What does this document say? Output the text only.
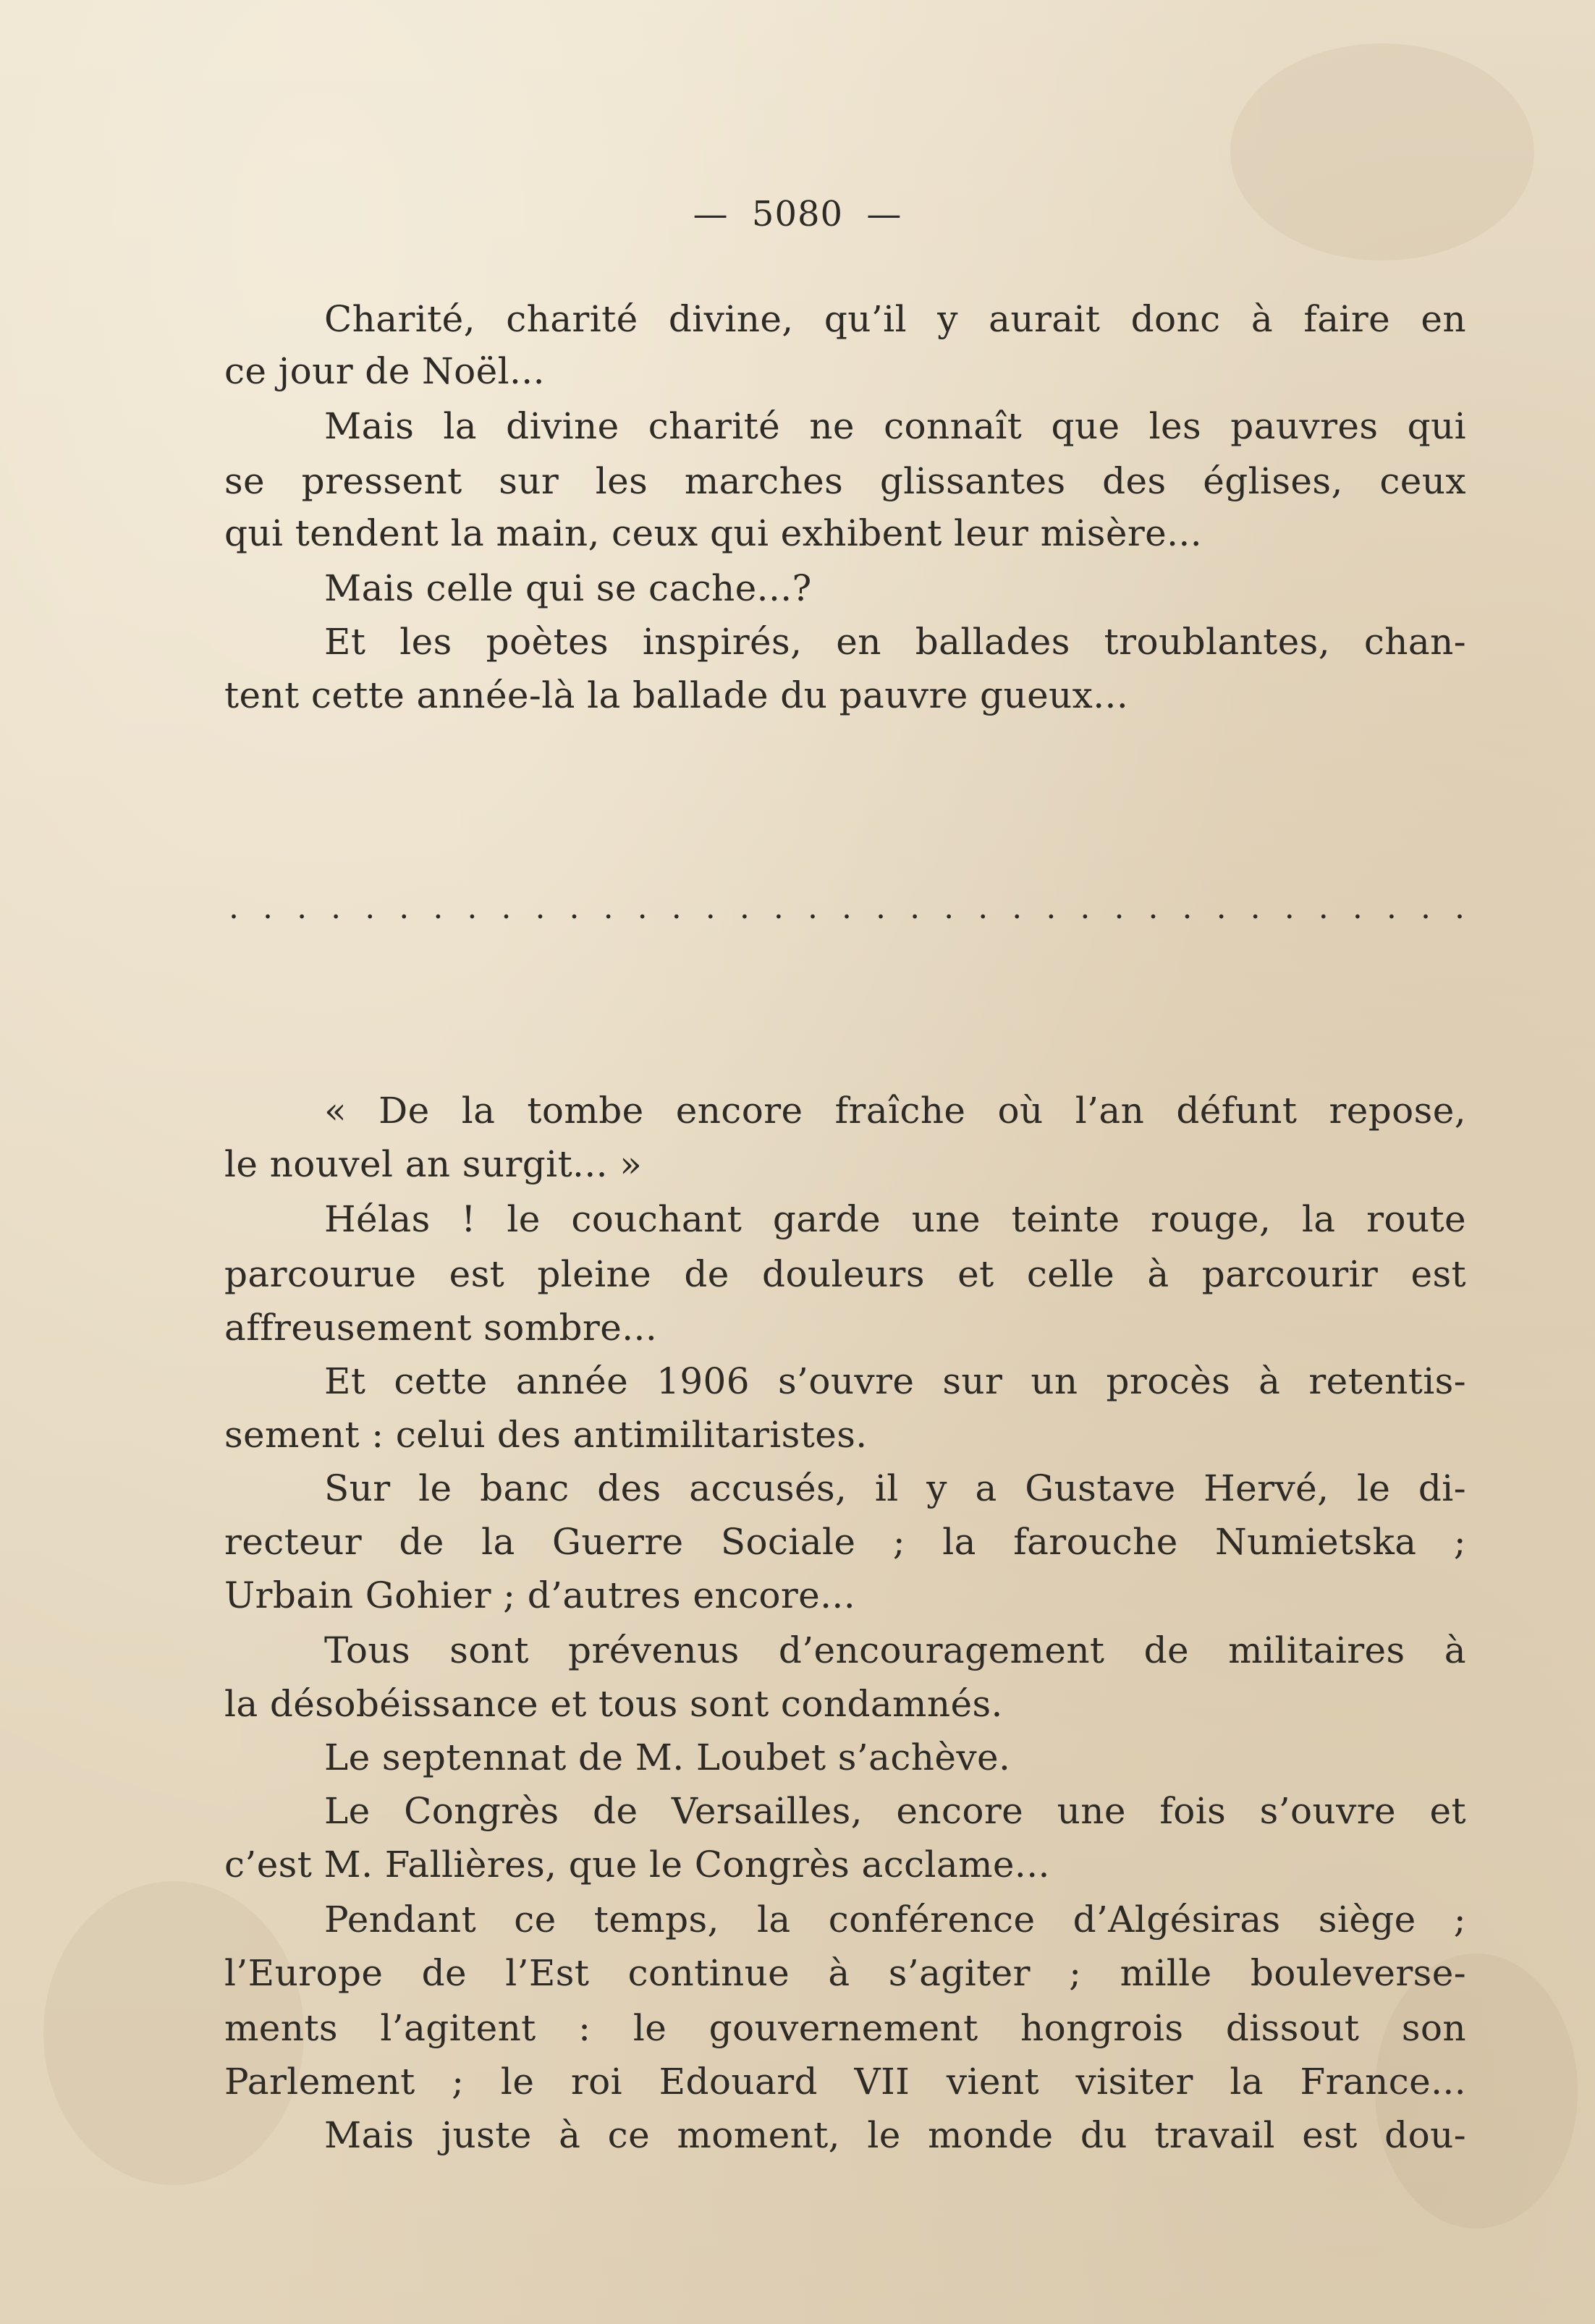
— 5080 —
Charité, charité divine, qu’il y aurait donc à faire en
ce jour de Noël...
Mais la divine charité ne connaît que les pauvres qui
se pressent sur les marches glissantes des églises, ceux
qui tendent la main, ceux qui exhibent leur misère...
Mais celle qui se cache...?
Et les poètes inspirés, en ballades troublantes, chan-
tent cette année-là la ballade du pauvre gueux...
. . . . . . . . . . . . . . . . . . . . . . . . . . . . . . . . . . . . .
« De la tombe encore fraîche où l’an défunt repose,
le nouvel an surgit... »
Hélas ! le couchant garde une teinte rouge, la route
parcourue est pleine de douleurs et celle à parcourir est
affreusement sombre...
Et cette année 1906 s’ouvre sur un procès à retentis-
sement : celui des antimilitaristes.
Sur le banc des accusés, il y a Gustave Hervé, le di-
recteur de la Guerre Sociale ; la farouche Numietska ;
Urbain Gohier ; d’autres encore...
Tous sont prévenus d’encouragement de militaires à
la désobéissance et tous sont condamnés.
Le septennat de M. Loubet s’achève.
Le Congrès de Versailles, encore une fois s’ouvre et
c’est M. Fallières, que le Congrès acclame...
Pendant ce temps, la conférence d’Algésiras siège ;
l’Europe de l’Est continue à s’agiter ; mille bouleverse-
ments l’agitent : le gouvernement hongrois dissout son
Parlement ; le roi Edouard VII vient visiter la France...
Mais juste à ce moment, le monde du travail est dou-
